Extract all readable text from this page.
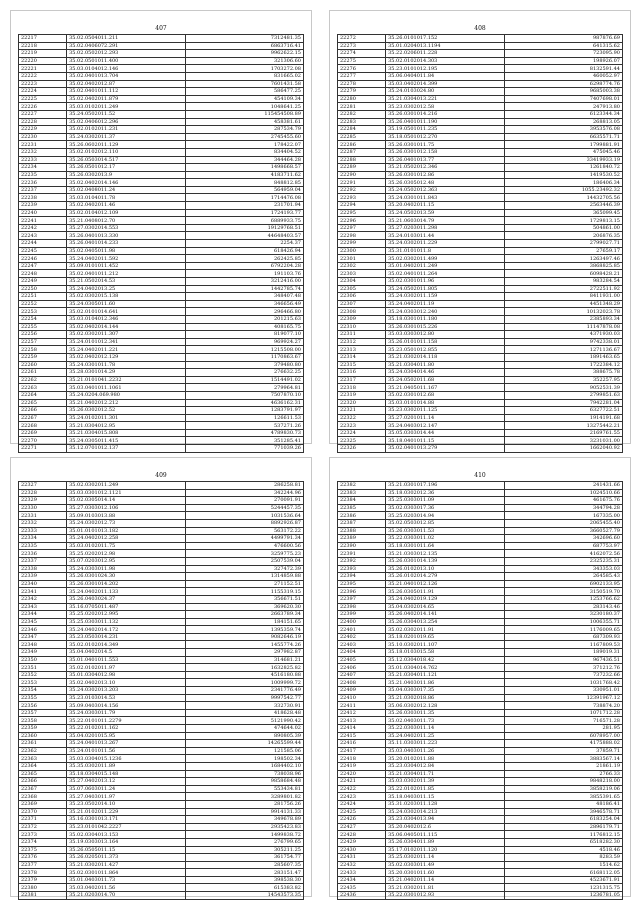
407
22217	35.02.0504011.211	7312481.35
22218	35.02.0406072.291	6863716.41
22219	35.02.0502012.293	9962622.15
22220	35.02.0501011.400	321306.60
22221	35.03.0104012.146	1703272.08
22222	35.02.0401013.704	831665.02
22223	35.02.0402012.87	7601431.58
22224	35.02.0401011.112	586477.25
22225	35.02.0402011.879	454109.34
22226	35.03.0102011.249	1048641.25
22227	35.24.0502011.52	115454508.89
22228	35.02.0406012.296	458381.61
22229	35.02.0102011.231	287534.79
22230	35.24.0302011.37	2745455.60
22231	35.26.0602011.129	178422.07
22232	35.02.0102012.110	834404.52
22233	35.26.0503014.517	344464.28
22234	35.26.0501012.17	1498668.57
22235	35.26.0302013.9	4183711.62
22236	35.02.0402014.146	848812.85
22237	35.02.0408011.24	564959.04
22238	35.03.0104011.78	1714476.08
22239	35.02.0402011.46	231701.94
22240	35.02.0104012.109	1724193.77
22241	35.21.0408012.70	6889933.75
22242	35.27.0302014.553	19129768.51
22243	35.26.0401013.330	44648403.57
22244	35.26.0401014.233	2254.37
22245	35.02.0405011.98	618426.94
22246	35.24.0402011.592	262425.85
22247	35.09.0101011.452	6792204.28
22248	35.02.0401011.212	191103.76
22249	35.21.0502014.53	3212416.00
22250	35.24.0402013.25	1442785.74
22251	35.02.0302015.138	348407.48
22252	35.24.0305011.60	346656.49
22253	35.02.0101014.641	296466.80
22254	35.03.0104012.346	201215.63
22255	35.02.0402014.144	408165.75
22256	35.02.0302011.307	819077.10
22257	35.24.0101012.341	969924.27
22258	35.24.0402011.221	1215508.00
22259	35.02.0402012.129	1170863.67
22260	35.24.0301011.78	379480.80
22261	35.28.0301014.29	276632.25
22262	35.21.0101041.2232	1514491.02
22263	35.03.0401011.1061	279964.81
22264	35.24.0204.069.980	7507870.10
22265	35.21.0402012.212	4636162.31
22266	35.26.0302012.52	1283791.97
22267	35.24.0102011.301	126611.53
22268	35.21.0304012.95	537271.26
22269	35.21.0304015.808	4789830.73
22270	35.24.0305011.415	351285.41
22271	35.12.0701012.137	771039.26
408
22272	35.26.0101017.152	987876.69
22273	35.01.0204013.1194	641315.62
22274	35.22.0206011.228	723095.90
22275	35.02.0102014.303	198926.07
22276	35.23.0101012.195	8132591.44
22277	35.06.0404011.84	460052.97
22278	35.03.0402014.399	6298774.76
22279	35.24.0103024.80	9685003.38
22280	35.21.0304013.221	7407698.01
22281	35.23.0302012.58	247913.80
22282	35.26.0301014.216	6123344.34
22283	35.26.0401011.190	268813.05
22284	35.19.0501011.235	3953576.08
22285	35.18.0501012.270	6635571.71
22286	35.26.0301011.75	1799881.91
22287	35.26.0301012.158	475045.46
22288	35.26.0401013.77	33419933.19
22289	35.21.0502012.346	1261840.72
22290	35.26.0301012.86	1419530.52
22291	35.26.0305012.48	186406.34
22292	35.24.0502012.363	1055.23492.32
22293	35.24.0301011.843	14432705.56
22294	35.20.0402011.15	2563446.39
22295	35.24.0502013.59	365099.45
22296	35.21.0603014.79	1729813.15
22297	35.27.0203011.298	504861.00
22298	35.24.0103011.44	206876.35
22299	35.24.0302011.229	2799027.71
22300	35.31.0101011.8	27659.17
22301	35.02.0302011.499	1263497.46
22302	35.01.0402011.249	3868825.85
22303	35.02.0401011.264	6098428.21
22304	35.02.0301011.96	983284.54
22305	35.24.0502011.805	2722511.92
22306	35.24.0302011.159	8411931.00
22307	35.24.0402011.19	4451348.29
22308	35.24.0303012.240	10132023.78
22309	35.18.0301011.180	2385893.34
22310	35.26.0301015.226	11147878.08
22311	35.03.0303012.80	4371930.03
22312	35.26.0101011.158	9742338.01
22313	35.23.0501012.855	1271136.67
22314	35.21.0302014.118	1891463.65
22315	35.21.0304011.80	1722384.12
22316	35.24.0304014.46	388675.78
22317	35.24.0502011.68	352257.95
22318	35.21.0405011.167	9052531.39
22319	35.02.0301012.68	2799851.63
22320	35.03.0101014.88	7942281.04
22321	35.23.0302011.125	6327722.51
22322	35.27.0201011.14	1914191.68
22323	35.24.0403012.147	13275442.21
22324	35.05.0303014.44	2169761.55
22325	35.18.0401011.15	3231031.00
22326	35.02.0401013.279	1662040.92
409
22327	35.02.0302011.249	286258.81
22328	35.03.0301012.1121	342244.96
22329	35.02.0305014.14	270091.91
22330	35.27.0303012.106	5244457.35
22331	35.09.0103013.88	1031536.64
22332	35.24.0302012.73	8892926.87
22333	35.01.0101013.182	563172.22
22334	35.24.0402012.258	4499791.34
22335	35.03.0102011.75	476600.56
22336	35.25.0202012.98	3259775.23
22337	35.07.0203012.95	2507539.04
22338	35.24.0303011.98	327472.39
22339	35.26.0301024.30	1314859.88
22340	35.26.0301014.202	271152.51
22341	35.24.0402011.133	1155319.15
22342	35.26.0403024.37	356671.51
22343	35.16.0705011.487	369620.30
22344	35.25.0202012.995	2663789.34
22345	35.25.0303011.132	184151.65
22346	35.24.0402014.172	1395359.74
22347	35.23.0503014.231	9082646.19
22348	35.02.0102014.349	1455774.26
22349	35.04.0402014.5	297982.87
22350	35.01.0401011.553	314681.21
22351	35.02.0102011.97	1632825.82
22352	35.01.0304012.98	4516180.88
22353	35.02.0402013.10	1009999.72
22354	35.24.0302013.203	2341776.49
22355	35.23.0103014.53	9997542.77
22356	35.09.0403014.156	332730.91
22357	35.24.0303011.79	418628.48
22358	35.22.0101011.2279	5121990.42
22359	35.22.0102011.162	474644.02
22360	35.04.0201015.95	890805.39
22361	35.24.0401013.267	14265599.44
22362	35.24.0101011.56	121585.06
22363	35.03.0304015.1236	198502.34
22364	35.35.0302011.89	1684402.10
22365	35.18.0304015.148	738038.96
22366	35.27.0402013.12	9858684.48
22367	35.07.0603011.24	553434.81
22368	35.27.0403011.97	3289801.82
22369	35.23.0502014.10	281756.26
22370	35.21.0102011.229	9914131.33
22371	35.16.0301013.171	349678.89
22372	35.23.0101042.2227	2935423.83
22373	35.02.0304013.153	1499838.72
22374	35.19.0303013.164	276799.65
22375	35.26.0505011.15	305211.25
22376	35.26.0205011.373	361754.77
22377	35.21.0302011.427	285607.35
22378	35.02.0301011.864	283151.47
22379	35.01.0403011.73	398538.30
22380	35.03.0402011.56	615383.82
22381	35.21.0203014.70	14543573.35
410
22382	35.21.0301017.196	241431.66
22383	35.18.0302012.36	1024510.66
22384	35.25.0303011.09	461675.76
22385	35.02.0303017.36	344794.28
22386	35.25.0203014.94	167335.00
22387	35.02.0503012.85	2065455.40
22388	35.26.0303011.53	3660527.79
22389	35.22.0303011.02	342696.60
22390	35.18.0301011.64	687753.97
22391	35.21.0303012.135	4162072.56
22392	35.26.0301014.139	2325235.31
22393	35.26.0102013.10	343353.03
22394	35.26.0102014.279	264585.43
22395	35.21.0401012.126	6902133.95
22396	35.26.0305011.91	3150519.70
22397	35.24.0402019.129	1253766.62
22398	35.04.0302014.65	283143.46
22399	35.26.0402014.141	3230180.37
22400	35.26.0304013.254	1006355.71
22401	35.02.0302011.91	1176009.65
22402	35.18.0201019.65	687309.93
22403	35.10.0302011.107	1167809.53
22404	35.18.0103015.58	189019.31
22405	35.12.0304018.42	967436.51
22406	35.01.0304014.762	371212.76
22407	35.21.0304011.121	737232.66
22408	35.21.0403011.86	1031768.42
22409	35.04.0303017.35	330951.01
22410	35.21.0302018.86	12391967.12
22411	35.06.0302012.128	738874.20
22412	35.26.0303011.35	1071712.28
22413	35.02.0403011.73	716571.28
22414	35.22.0303011.14	281.95
22415	35.24.0402011.25	6078957.00
22416	35.11.0303011.223	4175888.02
22417	35.03.0403011.26	37859.71
22418	35.20.0102011.88	3883567.14
22419	35.23.0304012.84	21861.19
22420	35.21.0304011.71	2766.33
22421	35.03.0302011.39	9848218.00
22422	35.22.0102011.85	3858219.06
22423	35.18.0403011.15	3855391.65
22424	35.31.0203011.128	48186.41
22425	35.24.0302014.213	3946578.71
22426	35.23.0304013.94	6183254.04
22427	35.20.0402012.6	2896179.71
22428	35.06.0405011.115	1176812.15
22429	35.26.0304011.89	6518282.30
22430	35.17.0102011.120	4518.46
22431	35.25.0302011.14	8283.59
22432	35.02.0303011.49	1514.62
22433	35.20.0301011.60	6168112.05
22434	35.21.0402011.14	4523671.91
22435	35.21.0302011.81	1231315.75
22436	35.22.0301012.93	1236781.05
